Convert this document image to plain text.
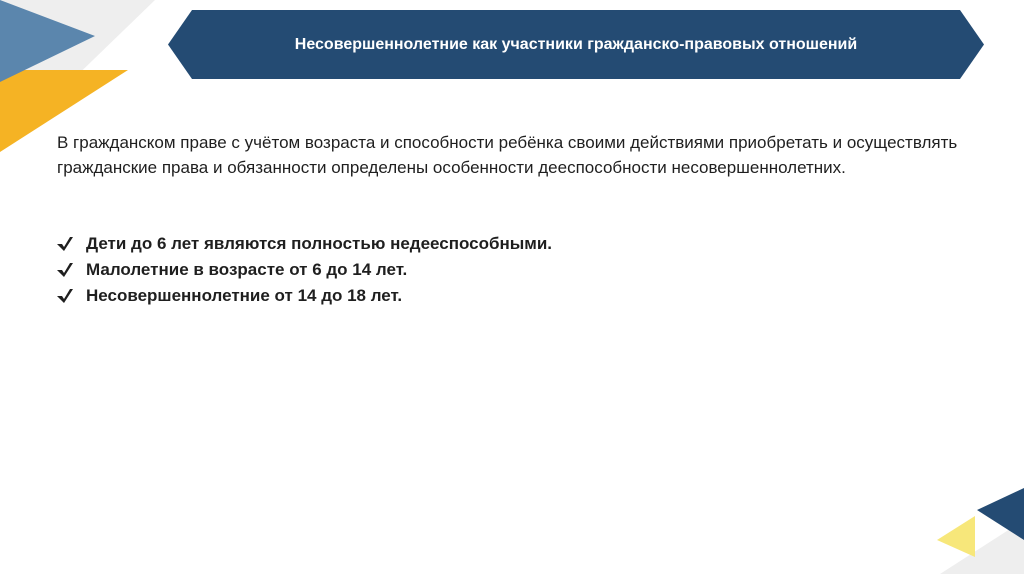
Несовершеннолетние как участники гражданско-правовых отношений

В гражданском праве с учётом возраста и способности ребёнка своими действиями приобретать и осуществлять гражданские права и обязанности определены особенности дееспособности несовершеннолетних.

Дети до 6 лет являются полностью недееспособными.
Малолетние в возрасте от 6 до 14 лет.
Несовершеннолетние от 14 до 18 лет.
